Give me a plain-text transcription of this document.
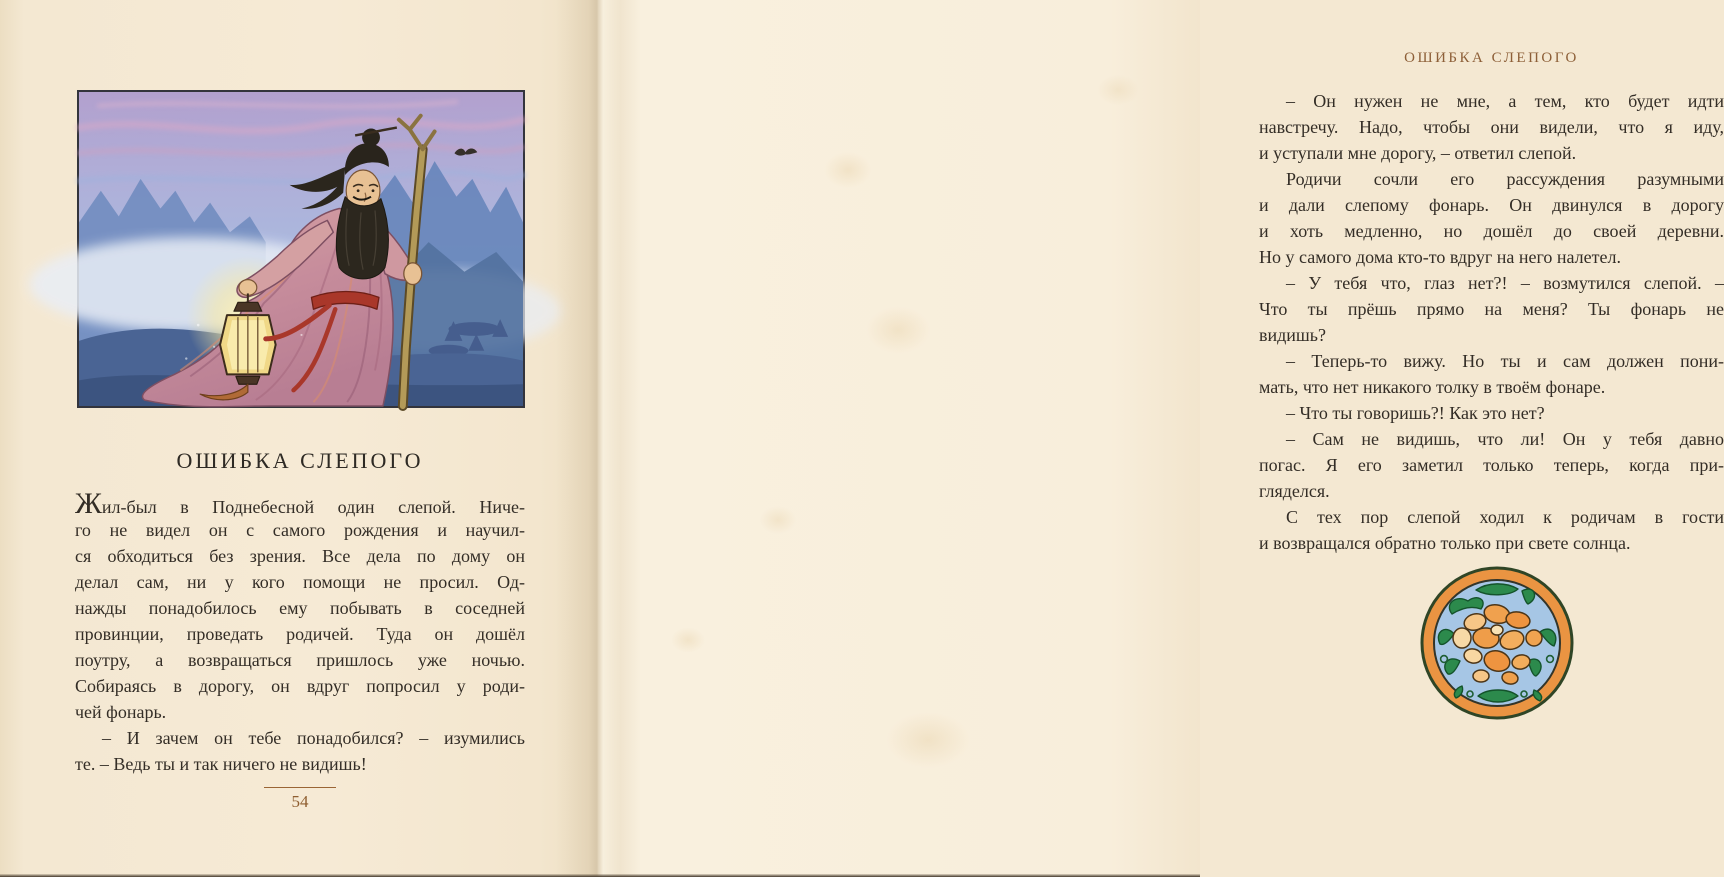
ОШИБКА СЛЕПОГО
Жил-был в Поднебесной один слепой. Ниче-
го не видел он с самого рождения и научил-
ся обходиться без зрения. Все дела по дому он
делал сам, ни у кого помощи не просил. Од-
нажды понадобилось ему побывать в соседней
провинции, проведать родичей. Туда он дошёл
поутру, а возвращаться пришлось уже ночью.
Собираясь в дорогу, он вдруг попросил у роди-
чей фонарь.
– И зачем он тебе понадобился? – изумились
те. – Ведь ты и так ничего не видишь!
54
ОШИБКА СЛЕПОГО
– Он нужен не мне, а тем, кто будет идти
навстречу. Надо, чтобы они видели, что я иду,
и уступали мне дорогу, – ответил слепой.
Родичи сочли его рассуждения разумными
и дали слепому фонарь. Он двинулся в дорогу
и хоть медленно, но дошёл до своей деревни.
Но у самого дома кто-то вдруг на него налетел.
– У тебя что, глаз нет?! – возмутился слепой. –
Что ты прёшь прямо на меня? Ты фонарь не
видишь?
– Теперь-то вижу. Но ты и сам должен пони-
мать, что нет никакого толку в твоём фонаре.
– Что ты говоришь?! Как это нет?
– Сам не видишь, что ли! Он у тебя давно
погас. Я его заметил только теперь, когда при-
гляделся.
С тех пор слепой ходил к родичам в гости
и возвращался обратно только при свете солнца.
